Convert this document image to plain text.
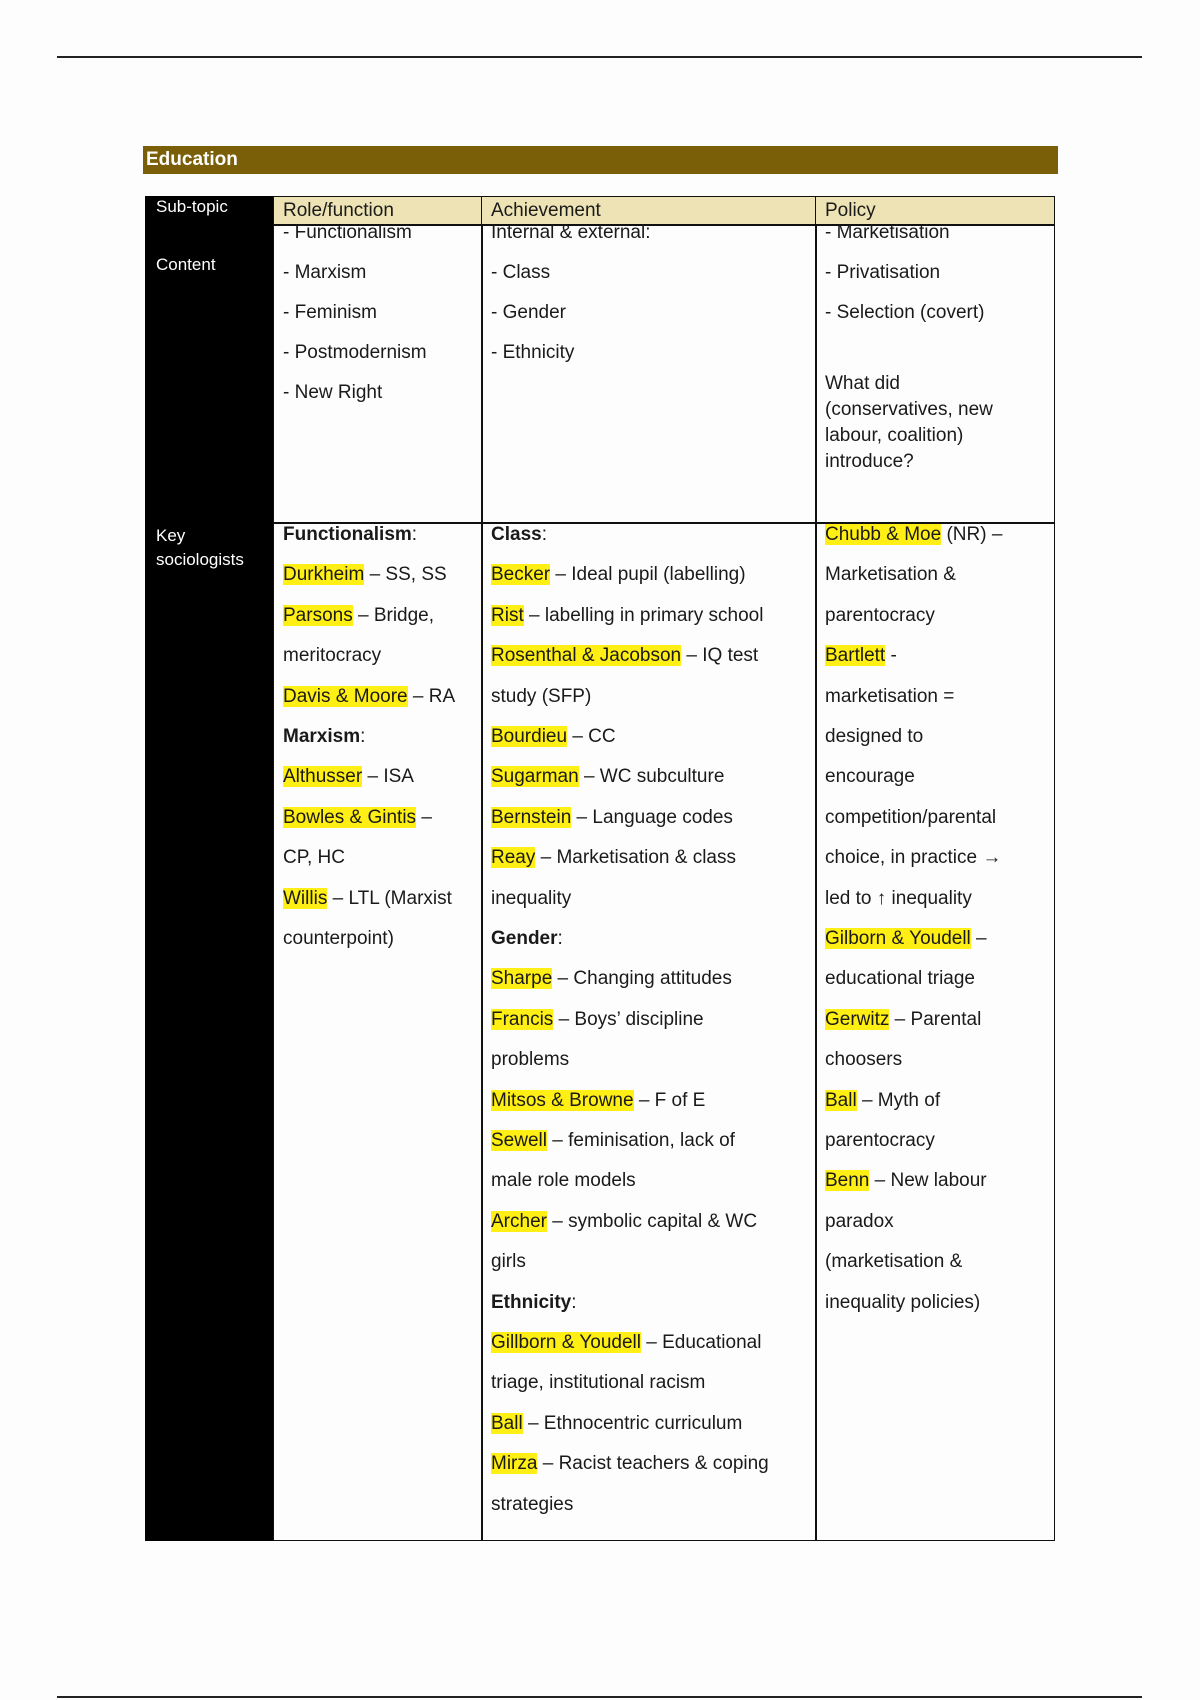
Education
Sub-topic
Content
Key
sociologists
Role/function	Achievement	Policy
- Functionalism
- Marxism
- Feminism
- Postmodernism
- New Right
Internal & external:
- Class
- Gender
- Ethnicity
What did (conservatives, new labour, coalition) introduce?
- Marketisation
- Privatisation
- Selection (covert)
Functionalism:
Durkheim – SS, SS
Parsons – Bridge,
meritocracy
Davis & Moore – RA
Marxism:
Althusser – ISA
Bowles & Gintis –
CP, HC
Willis – LTL (Marxist
counterpoint)
Class:
Becker – Ideal pupil (labelling)
Rist – labelling in primary school
Rosenthal & Jacobson – IQ test
study (SFP)
Bourdieu – CC
Sugarman – WC subculture
Bernstein – Language codes
Reay – Marketisation & class
inequality
Gender:
Sharpe – Changing attitudes
Francis – Boys’ discipline
problems
Mitsos & Browne – F of E
Sewell – feminisation, lack of
male role models
Archer – symbolic capital & WC
girls
Ethnicity:
Gillborn & Youdell – Educational
triage, institutional racism
Ball – Ethnocentric curriculum
Mirza – Racist teachers & coping
strategies
Chubb & Moe (NR) –
Marketisation &
parentocracy
Bartlett -
marketisation =
designed to
encourage
competition/parental
choice, in practice →
led to ↑ inequality
Gilborn & Youdell –
educational triage
Gerwitz – Parental
choosers
Ball – Myth of
parentocracy
Benn – New labour
paradox
(marketisation &
inequality policies)
